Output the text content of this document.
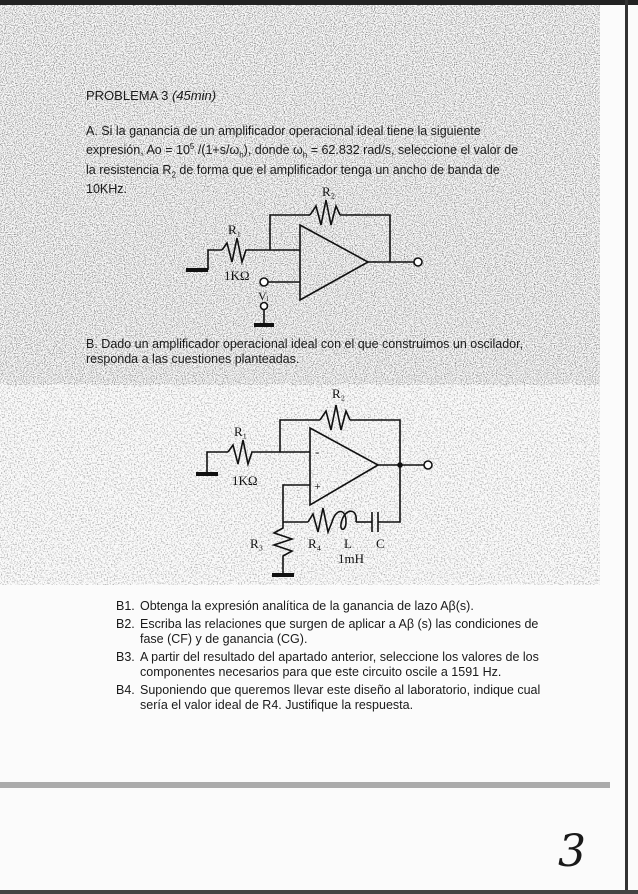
PROBLEMA 3 (45min)

A. Si la ganancia de un amplificador operacional ideal tiene la siguiente expresión, $Ao = 10^5$ $/(1+s/\omega_h)$, donde $\omega_h = 62.832$ rad/s, seleccione el valor de la resistencia $R_2$ de forma que el amplificador tenga un ancho de banda de 10KHz.	R₂
R₁
1KΩ
Vᵢ

B. Dado un amplificador operacional ideal con el que construimos un oscilador, responda a las cuestiones planteadas.

R₂
R₁
1KΩ
-
+
R₃	R₄ L C
1mH
B1. Obtenga la expresión analítica de la ganancia de lazo Aβ(s).
B2. Escriba las relaciones que surgen de aplicar a Aβ (s) las condiciones de fase (CF) y de ganancia (CG).
B3. A partir del resultado del apartado anterior, seleccione los valores de los componentes necesarios para que este circuito oscile a 1591 Hz.
B4. Suponiendo que queremos llevar este diseño al laboratorio, indique cual sería el valor ideal de R4. Justifique la respuesta.
3
